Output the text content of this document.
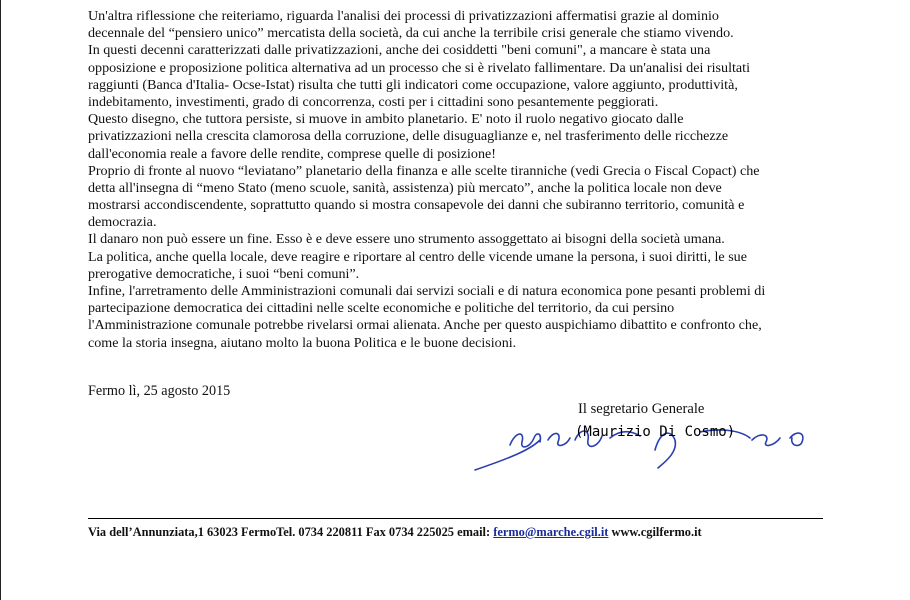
Un'altra riflessione che reiteriamo, riguarda l'analisi dei processi di privatizzazioni affermatisi grazie al dominio
decennale del “pensiero unico” mercatista della società, da cui anche la terribile crisi generale che stiamo vivendo.
In questi decenni caratterizzati dalle privatizzazioni, anche dei cosiddetti "beni comuni", a mancare è stata una
opposizione e proposizione politica alternativa ad un processo che si è rivelato fallimentare. Da un'analisi dei risultati
raggiunti (Banca d'Italia- Ocse-Istat) risulta che tutti gli indicatori come occupazione, valore aggiunto, produttività,
indebitamento, investimenti, grado di concorrenza, costi per i cittadini sono pesantemente peggiorati.
Questo disegno, che tuttora persiste, si muove in ambito planetario. E' noto il ruolo negativo giocato dalle
privatizzazioni nella crescita clamorosa della corruzione, delle disuguaglianze e, nel trasferimento delle ricchezze
dall'economia reale a favore delle rendite, comprese quelle di posizione!
Proprio di fronte al nuovo “leviatano” planetario della finanza e alle scelte tiranniche (vedi Grecia o Fiscal Copact) che
detta all'insegna di “meno Stato (meno scuole, sanità, assistenza) più mercato”, anche la politica locale non deve
mostrarsi accondiscendente, soprattutto quando si mostra consapevole dei danni che subiranno territorio, comunità e
democrazia.
Il danaro non può essere un fine. Esso è e deve essere uno strumento assoggettato ai bisogni della società umana.
La politica, anche quella locale, deve reagire e riportare al centro delle vicende umane la persona, i suoi diritti, le sue
prerogative democratiche, i suoi “beni comuni”.
Infine, l'arretramento delle Amministrazioni comunali dai servizi sociali e di natura economica pone pesanti problemi di
partecipazione democratica dei cittadini nelle scelte economiche e politiche del territorio, da cui persino
l'Amministrazione comunale potrebbe rivelarsi ormai alienata. Anche per questo auspichiamo dibattito e confronto che,
come la storia insegna, aiutano molto la buona Politica e le buone decisioni.
Fermo lì, 25 agosto 2015
Il segretario Generale
(Maurizio Di Cosmo)
Via dell’Annunziata,1 63023 FermoTel. 0734 220811 Fax 0734 225025 email: fermo@marche.cgil.it www.cgilfermo.it
